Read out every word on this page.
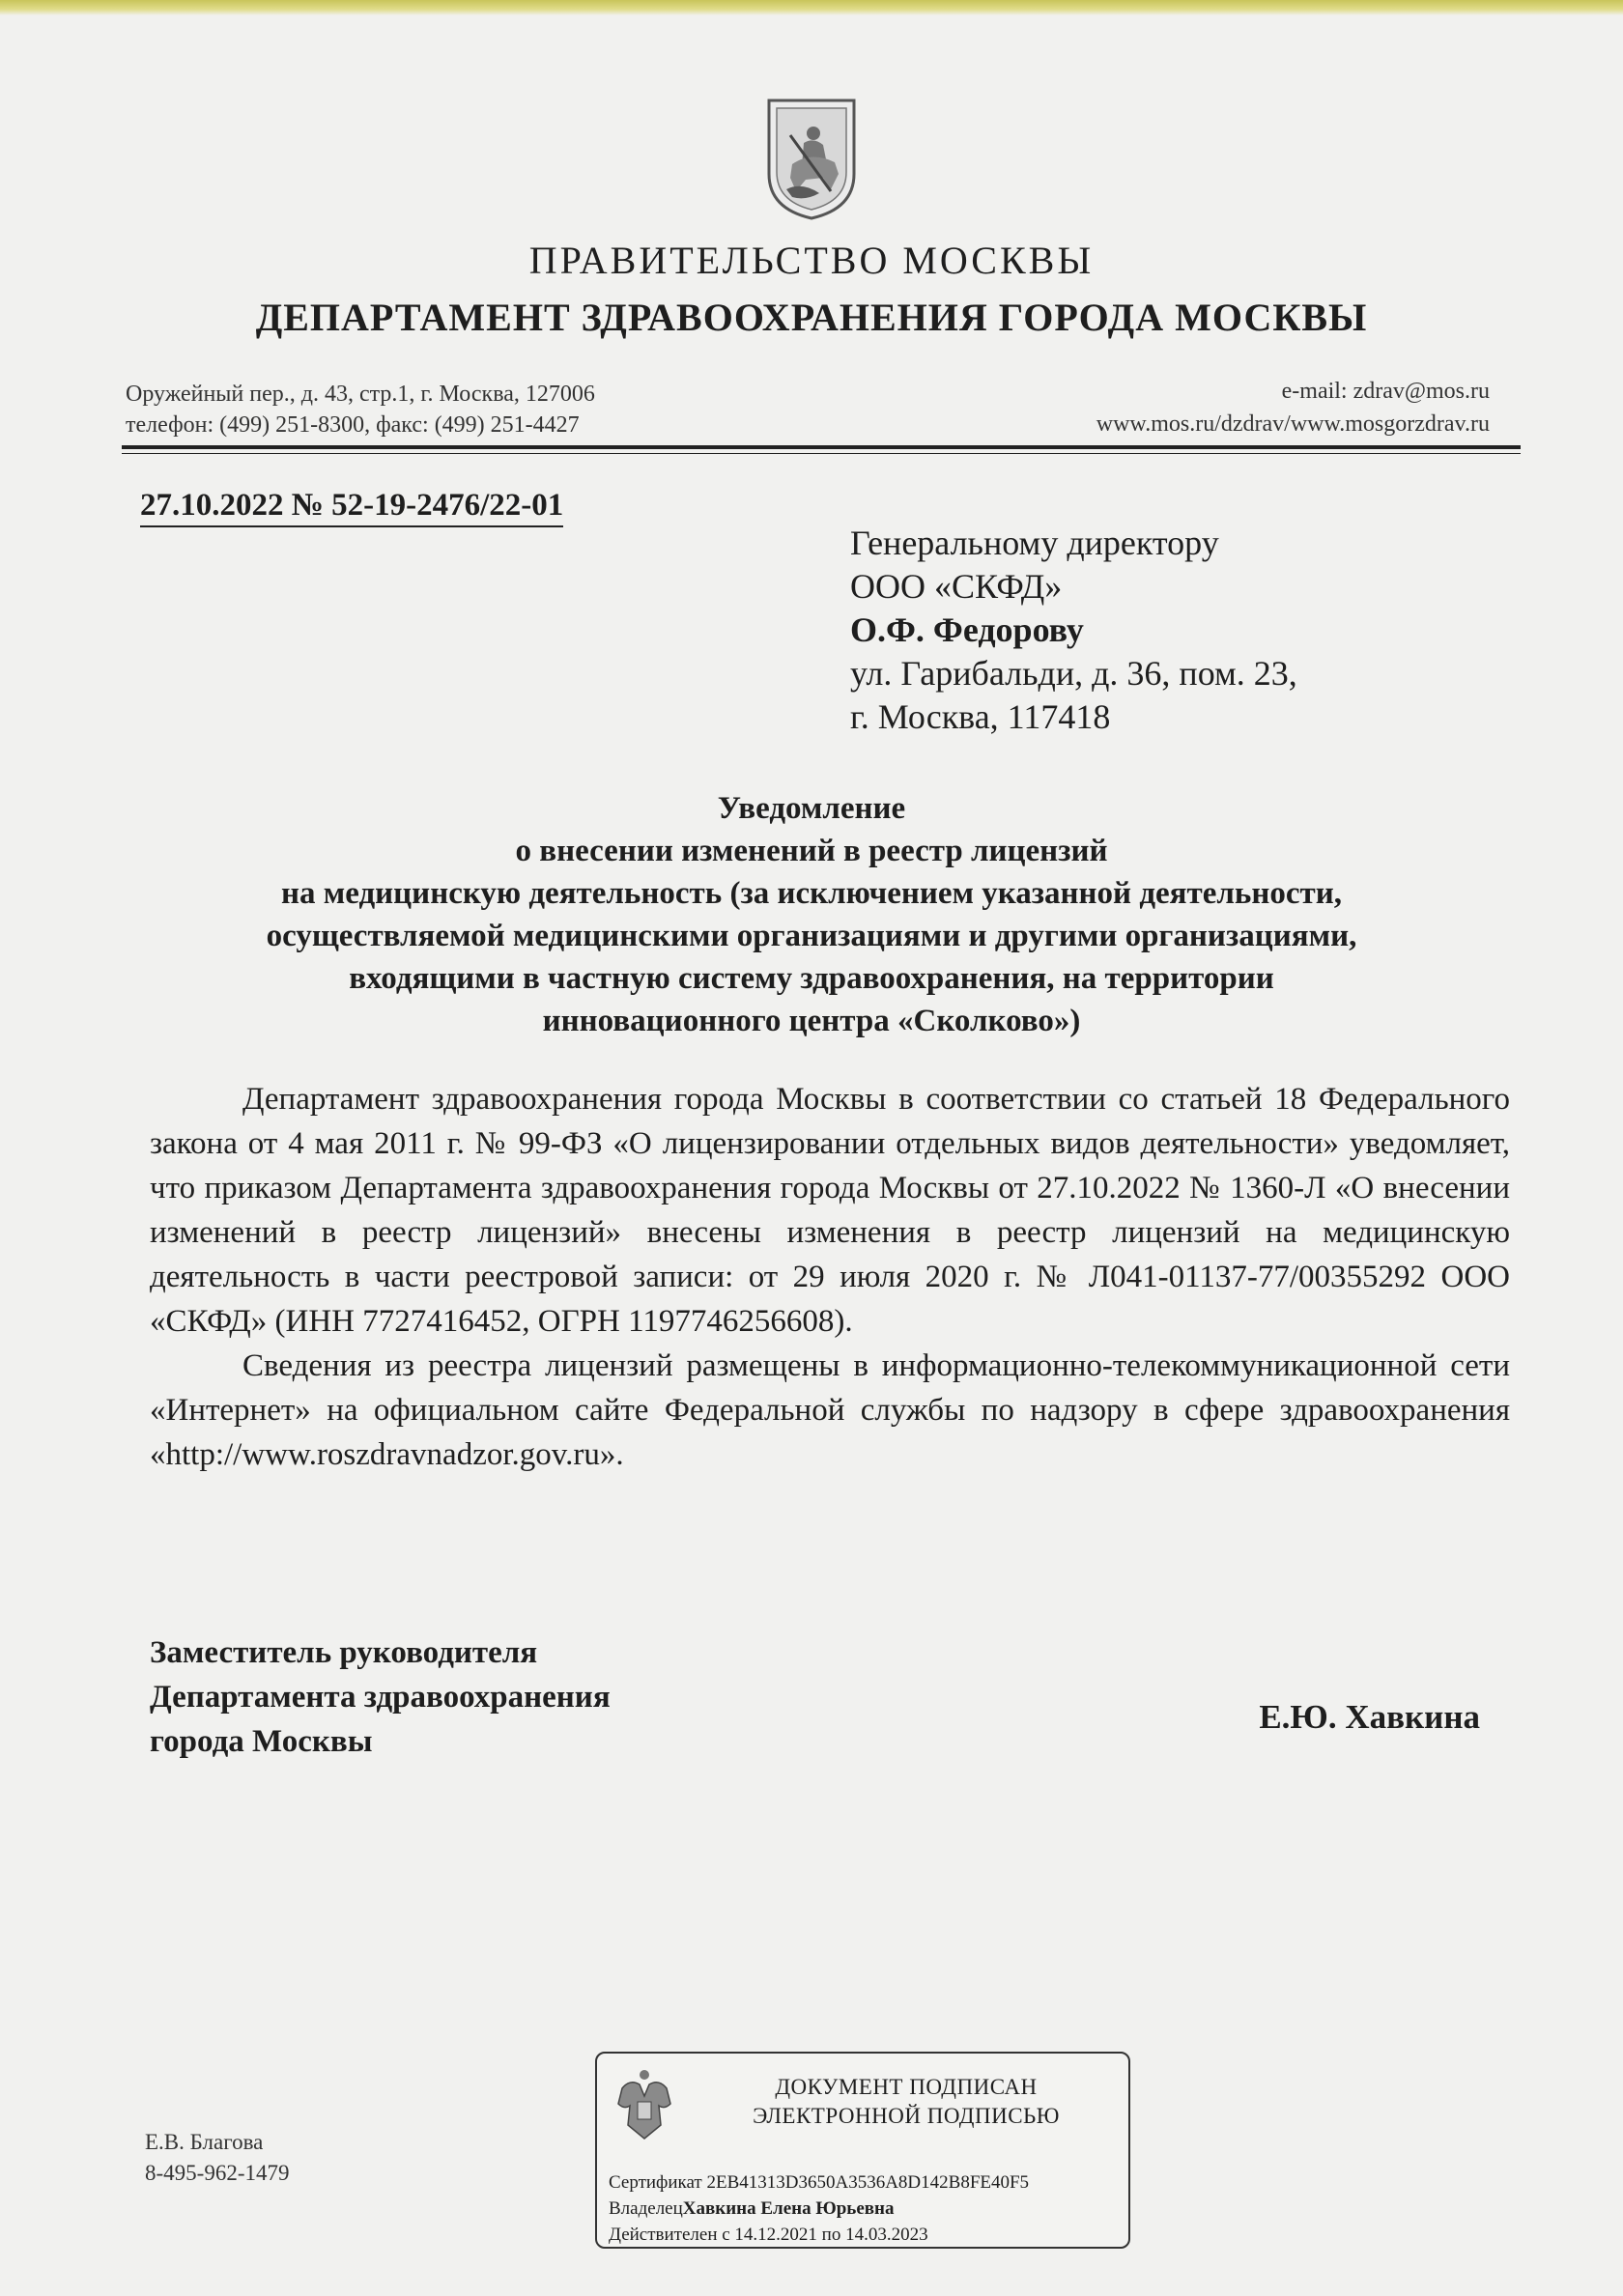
ПРАВИТЕЛЬСТВО МОСКВЫ
ДЕПАРТАМЕНТ ЗДРАВООХРАНЕНИЯ ГОРОДА МОСКВЫ
Оружейный пер., д. 43, стр.1, г. Москва, 127006
телефон: (499) 251-8300, факс: (499) 251-4427
e-mail: zdrav@mos.ru
www.mos.ru/dzdrav/www.mosgorzdrav.ru
27.10.2022 № 52-19-2476/22-01
Генеральному директору
ООО «СКФД»
О.Ф. Федорову
ул. Гарибальди, д. 36, пом. 23,
г. Москва, 117418
Уведомление
о внесении изменений в реестр лицензий
на медицинскую деятельность (за исключением указанной деятельности,
осуществляемой медицинскими организациями и другими организациями,
входящими в частную систему здравоохранения, на территории
инновационного центра «Сколково»)

Департамент здравоохранения города Москвы в соответствии со статьей 18 Федерального закона от 4 мая 2011 г. № 99-ФЗ «О лицензировании отдельных видов деятельности» уведомляет, что приказом Департамента здравоохранения города Москвы от 27.10.2022 № 1360-Л «О внесении изменений в реестр лицензий» внесены изменения в реестр лицензий на медицинскую деятельность в части реестровой записи: от 29 июля 2020 г. № Л041-01137-77/00355292 ООО «СКФД» (ИНН 7727416452, ОГРН 1197746256608).

Сведения из реестра лицензий размещены в информационно-телекоммуникационной сети «Интернет» на официальном сайте Федеральной службы по надзору в сфере здравоохранения «http://www.roszdravnadzor.gov.ru».

Заместитель руководителя
Департамента здравоохранения
города Москвы
Е.Ю. Хавкина
Е.В. Благова
8-495-962-1479
ДОКУМЕНТ ПОДПИСАН
ЭЛЕКТРОННОЙ ПОДПИСЬЮ
Сертификат 2ЕВ41313D3650A3536A8D142B8FE40F5
ВладелецХавкина Елена Юрьевна
Действителен с 14.12.2021 по 14.03.2023
